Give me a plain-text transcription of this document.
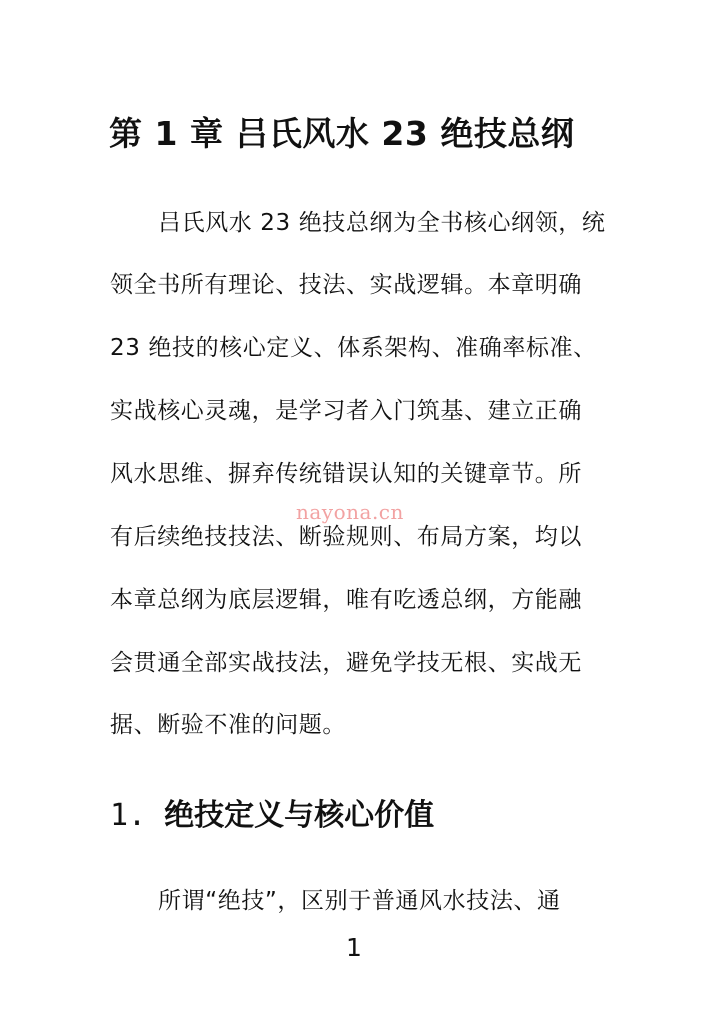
第 1 章 吕氏风水 23 绝技总纲
吕氏风水 23 绝技总纲为全书核心纲领，统
领全书所有理论、技法、实战逻辑。本章明确
23 绝技的核心定义、体系架构、准确率标准、
实战核心灵魂，是学习者入门筑基、建立正确
风水思维、摒弃传统错误认知的关键章节。所
有后续绝技技法、断验规则、布局方案，均以
本章总纲为底层逻辑，唯有吃透总纲，方能融
会贯通全部实战技法，避免学技无根、实战无
据、断验不准的问题。
nayona.cn
1. 绝技定义与核心价值
所谓“绝技”，区别于普通风水技法、通
1
